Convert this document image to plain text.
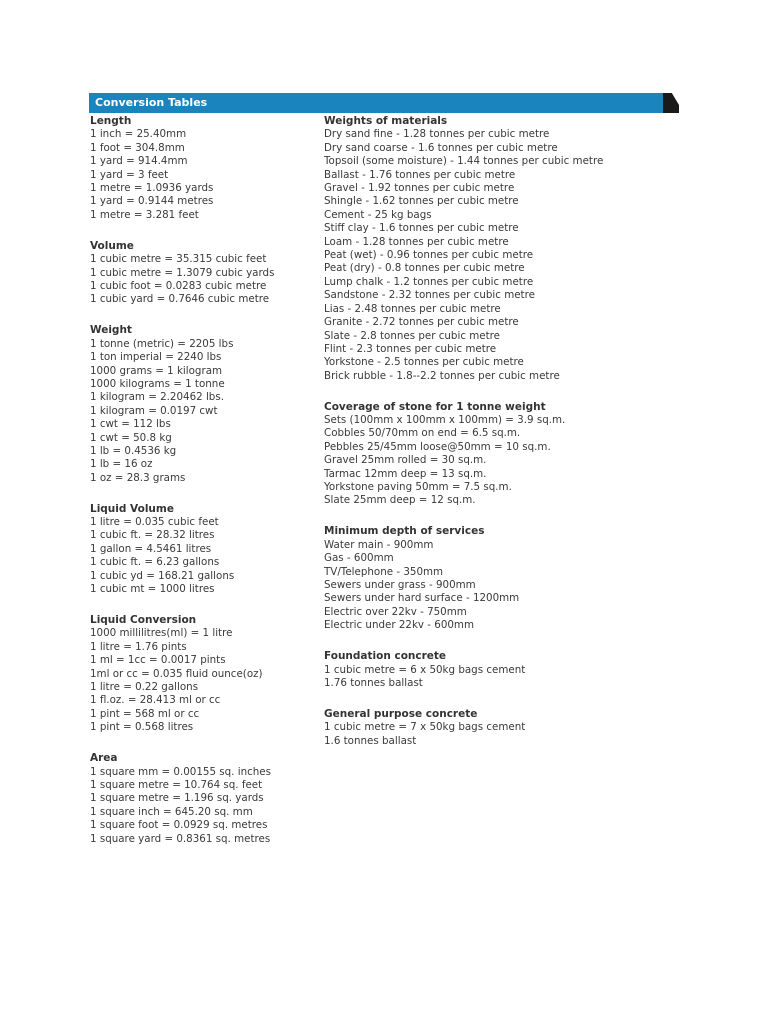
Conversion Tables
Length
1 inch = 25.40mm
1 foot = 304.8mm
1 yard = 914.4mm
1 yard = 3 feet
1 metre = 1.0936 yards
1 yard = 0.9144 metres
1 metre = 3.281 feet
Volume
1 cubic metre = 35.315 cubic feet
1 cubic metre = 1.3079 cubic yards
1 cubic foot = 0.0283 cubic metre
1 cubic yard = 0.7646 cubic metre
Weight
1 tonne (metric) = 2205 lbs
1 ton imperial = 2240 lbs
1000 grams = 1 kilogram
1000 kilograms = 1 tonne
1 kilogram = 2.20462 lbs.
1 kilogram = 0.0197 cwt
1 cwt = 112 lbs
1 cwt = 50.8 kg
1 lb = 0.4536 kg
1 lb = 16 oz
1 oz = 28.3 grams
Liquid Volume
1 litre = 0.035 cubic feet
1 cubic ft. = 28.32 litres
1 gallon = 4.5461 litres
1 cubic ft. = 6.23 gallons
1 cubic yd = 168.21 gallons
1 cubic mt = 1000 litres
Liquid Conversion
1000 millilitres(ml) = 1 litre
1 litre = 1.76 pints
1 ml = 1cc = 0.0017 pints
1ml or cc = 0.035 fluid ounce(oz)
1 litre = 0.22 gallons
1 fl.oz. = 28.413 ml or cc
1 pint = 568 ml or cc
1 pint = 0.568 litres
Area
1 square mm = 0.00155 sq. inches
1 square metre = 10.764 sq. feet
1 square metre = 1.196 sq. yards
1 square inch = 645.20 sq. mm
1 square foot = 0.0929 sq. metres
1 square yard = 0.8361 sq. metres
Weights of materials
Dry sand fine - 1.28 tonnes per cubic metre
Dry sand coarse - 1.6 tonnes per cubic metre
Topsoil (some moisture) - 1.44 tonnes per cubic metre
Ballast - 1.76 tonnes per cubic metre
Gravel - 1.92 tonnes per cubic metre
Shingle - 1.62 tonnes per cubic metre
Cement - 25 kg bags
Stiff clay - 1.6 tonnes per cubic metre
Loam - 1.28 tonnes per cubic metre
Peat (wet) - 0.96 tonnes per cubic metre
Peat (dry) - 0.8 tonnes per cubic metre
Lump chalk - 1.2 tonnes per cubic metre
Sandstone - 2.32 tonnes per cubic metre
Lias - 2.48 tonnes per cubic metre
Granite - 2.72 tonnes per cubic metre
Slate - 2.8 tonnes per cubic metre
Flint - 2.3 tonnes per cubic metre
Yorkstone - 2.5 tonnes per cubic metre
Brick rubble - 1.8--2.2 tonnes per cubic metre
Coverage of stone for 1 tonne weight
Sets (100mm x 100mm x 100mm) = 3.9 sq.m.
Cobbles 50/70mm on end = 6.5 sq.m.
Pebbles 25/45mm loose@50mm = 10 sq.m.
Gravel 25mm rolled = 30 sq.m.
Tarmac 12mm deep = 13 sq.m.
Yorkstone paving 50mm = 7.5 sq.m.
Slate 25mm deep = 12 sq.m.
Minimum depth of services
Water main - 900mm
Gas - 600mm
TV/Telephone - 350mm
Sewers under grass - 900mm
Sewers under hard surface - 1200mm
Electric over 22kv - 750mm
Electric under 22kv - 600mm
Foundation concrete
1 cubic metre = 6 x 50kg bags cement
1.76 tonnes ballast
General purpose concrete
1 cubic metre = 7 x 50kg bags cement
1.6 tonnes ballast
